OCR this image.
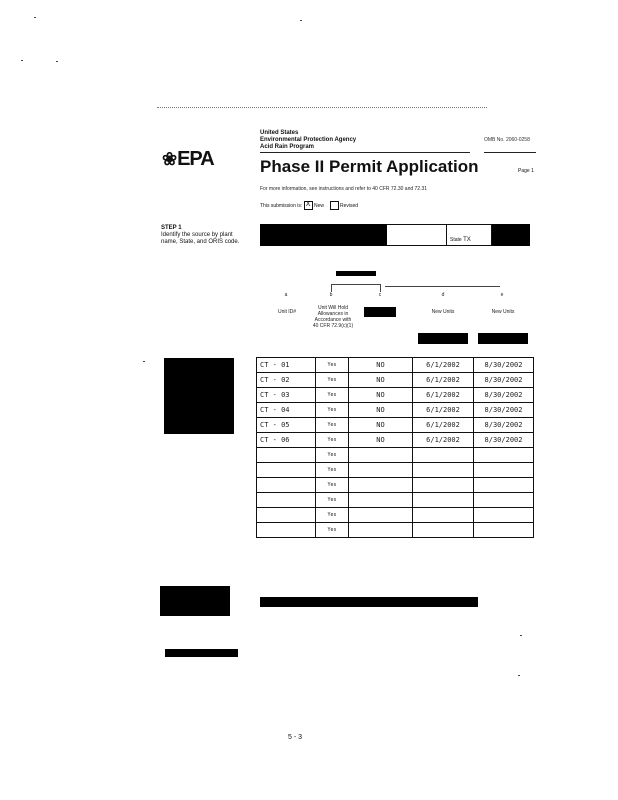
United States
Environmental Protection Agency
Acid Rain Program
OMB No. 2060-0258
❀EPA	Phase II Permit Application	Page 1
For more information, see instructions and refer to 40 CFR 72.30 and 72.31
This submission is: X New	Revised
STEP 1
Identify the source by plant name, State, and ORIS code.	State TX
a	b	c	d	e
Unit ID#
Unit Will Hold Allowances in Accordance with 40 CFR 72.9(c)(1)
New Units	New Units
CT - 01	Yes	NO	6/1/2002	8/30/2002
CT - 02	Yes	NO	6/1/2002	8/30/2002
CT - 03	Yes	NO	6/1/2002	8/30/2002
CT - 04	Yes	NO	6/1/2002	8/30/2002
CT - 05	Yes	NO	6/1/2002	8/30/2002
CT - 06	Yes	NO	6/1/2002	8/30/2002
	Yes			
	Yes			
	Yes			
	Yes			
	Yes			
	Yes			
5 - 3
